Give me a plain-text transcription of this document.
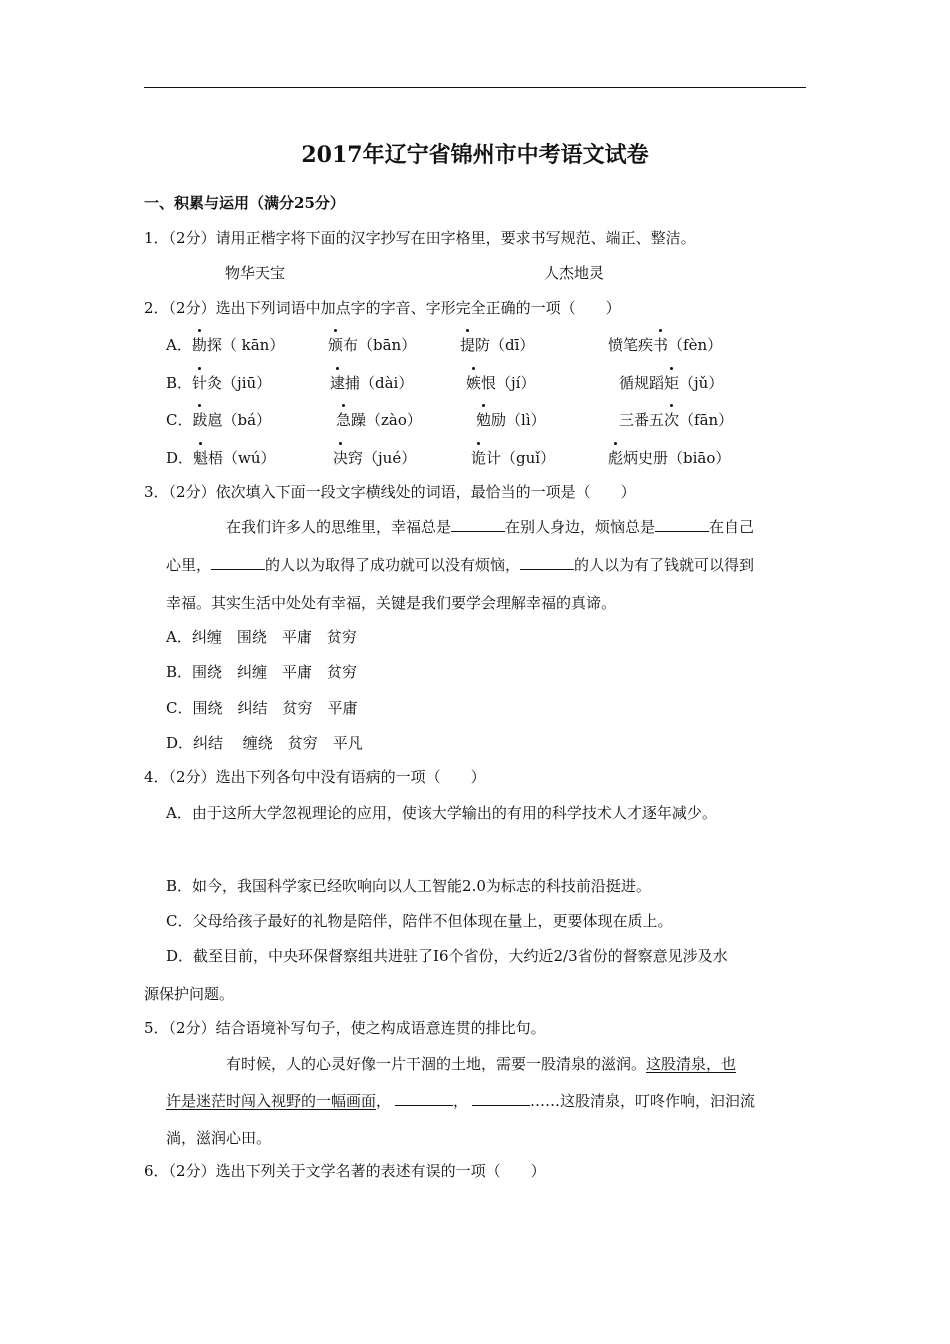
2017年辽宁省锦州市中考语文试卷
一、积累与运用（满分25分）
1．（2分）请用正楷字将下面的汉字抄写在田字格里，要求书写规范、端正、整洁。
物华天宝	人杰地灵
2．（2分）选出下列词语中加点字的字音、字形完全正确的一项（　　）
A．勘探（ kān）	颁布（bān）	提防（dī）	愤笔疾书（fèn）
B．针灸（jiū）	逮捕（dài）	嫉恨（jí）	循规蹈矩（jǔ）
C．跋扈（bá）	急躁（zào）	勉励（lì）	三番五次（fān）
D．魁梧（wú）	决窍（jué）	诡计（guǐ）	彪炳史册（biāo）
3．（2分）依次填入下面一段文字横线处的词语，最恰当的一项是（　　）
在我们许多人的思维里，幸福总是	在别人身边，烦恼总是	在自己
心里，	的人以为取得了成功就可以没有烦恼，	的人以为有了钱就可以得到
幸福。其实生活中处处有幸福，关键是我们要学会理解幸福的真谛。
A．纠缠　围绕　平庸　贫穷
B．围绕　纠缠　平庸　贫穷
C．围绕　纠结　贫穷　平庸
D．纠结　 缠绕　贫穷　平凡
4．（2分）选出下列各句中没有语病的一项（　　）
A．由于这所大学忽视理论的应用，使该大学输出的有用的科学技术人才逐年减少。
B．如今，我国科学家已经吹响向以人工智能2.0为标志的科技前沿挺进。
C．父母给孩子最好的礼物是陪伴，陪伴不但体现在量上，更要体现在质上。
D．截至目前，中央环保督察组共进驻了I6个省份，大约近2/3省份的督察意见涉及水
源保护问题。
5．（2分）结合语境补写句子，使之构成语意连贯的排比句。
有时候，人的心灵好像一片干涸的土地，需要一股清泉的滋润。这股清泉，也
许是迷茫时闯入视野的一幅画面，	，	……这股清泉，叮咚作响，汩汩流
淌，滋润心田。
6．（2分）选出下列关于文学名著的表述有误的一项（　　）
